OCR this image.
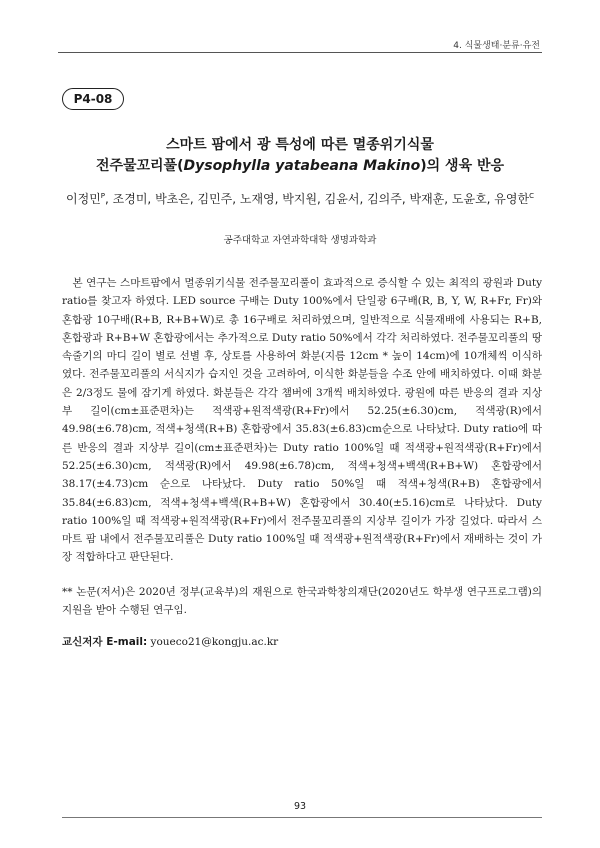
4. 식물생태·분류·유전
P4-08
스마트 팜에서 광 특성에 따른 멸종위기식물
전주물꼬리풀(Dysophylla yatabeana Makino)의 생육 반응
이정민$^P$, 조경미, 박초은, 김민주, 노재영, 박지원, 김윤서, 김의주, 박재훈, 도윤호, 유영한$^C$
공주대학교 자연과학대학 생명과학과

본 연구는 스마트팜에서 멸종위기식물 전주물꼬리풀이 효과적으로 증식할 수 있는 최적의 광원과 Duty ratio를 찾고자 하였다. LED source 구배는 Duty 100%에서 단일광 6구배(R, B, Y, W, R+Fr, Fr)와 혼합광 10구배(R+B, R+B+W)로 총 16구배로 처리하였으며, 일반적으로 식물재배에 사용되는 R+B, 혼합광과 R+B+W 혼합광에서는 추가적으로 Duty ratio 50%에서 각각 처리하였다. 전주물꼬리풀의 땅속줄기의 마디 길이 별로 선별 후, 상토를 사용하여 화분(지름 12cm * 높이 14cm)에 10개체씩 이식하였다. 전주물꼬리풀의 서식지가 습지인 것을 고려하여, 이식한 화분들을 수조 안에 배치하였다. 이때 화분은 2/3정도 물에 잠기게 하였다. 화분들은 각각 챔버에 3개씩 배치하였다. 광원에 따른 반응의 결과 지상부 길이(cm±표준편차)는 적색광+원적색광(R+Fr)에서 52.25(±6.30)cm, 적색광(R)에서 49.98(±6.78)cm, 적색+청색(R+B) 혼합광에서 35.83(±6.83)cm순으로 나타났다. Duty ratio에 따른 반응의 결과 지상부 길이(cm±표준편차)는 Duty ratio 100%일 때 적색광+원적색광(R+Fr)에서 52.25(±6.30)cm, 적색광(R)에서 49.98(±6.78)cm, 적색+청색+백색(R+B+W) 혼합광에서 38.17(±4.73)cm 순으로 나타났다. Duty ratio 50%일 때 적색+청색(R+B) 혼합광에서 35.84(±6.83)cm, 적색+청색+백색(R+B+W) 혼합광에서 30.40(±5.16)cm로 나타났다. Duty ratio 100%일 때 적색광+원적색광(R+Fr)에서 전주물꼬리풀의 지상부 길이가 가장 길었다. 따라서 스마트 팜 내에서 전주물꼬리풀은 Duty ratio 100%일 때 적색광+원적색광(R+Fr)에서 재배하는 것이 가장 적합하다고 판단된다.

** 논문(저서)은 2020년 정부(교육부)의 재원으로 한국과학창의재단(2020년도 학부생 연구프로그램)의 지원을 받아 수행된 연구임.

교신저자 E-mail: youeco21@kongju.ac.kr
93
